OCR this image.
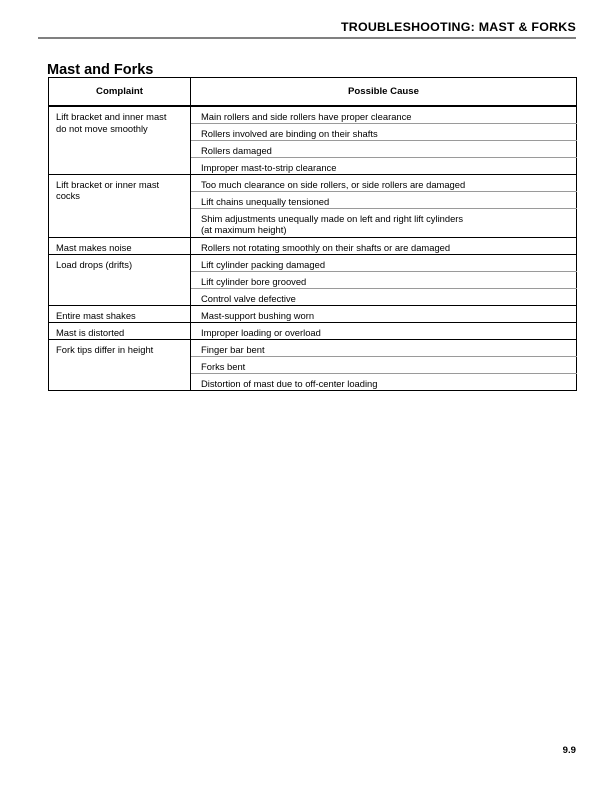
TROUBLESHOOTING: MAST & FORKS
Mast and Forks
Complaint	Possible Cause

Lift bracket and inner mast
do not move smoothly	Main rollers and side rollers have proper clearance
	Rollers involved are binding on their shafts
	Rollers damaged
	Improper mast-to-strip clearance

Lift bracket or inner mast
cocks	Too much clearance on side rollers, or side rollers are damaged
	Lift chains unequally tensioned

	Shim adjustments unequally made on left and right lift cylinders
(at maximum height)

Mast makes noise	Rollers not rotating smoothly on their shafts or are damaged
Load drops (drifts)	Lift cylinder packing damaged
	Lift cylinder bore grooved
	Control valve defective
Entire mast shakes	Mast-support bushing worn
Mast is distorted	Improper loading or overload
Fork tips differ in height	Finger bar bent
	Forks bent
	Distortion of mast due to off-center loading
9.9
